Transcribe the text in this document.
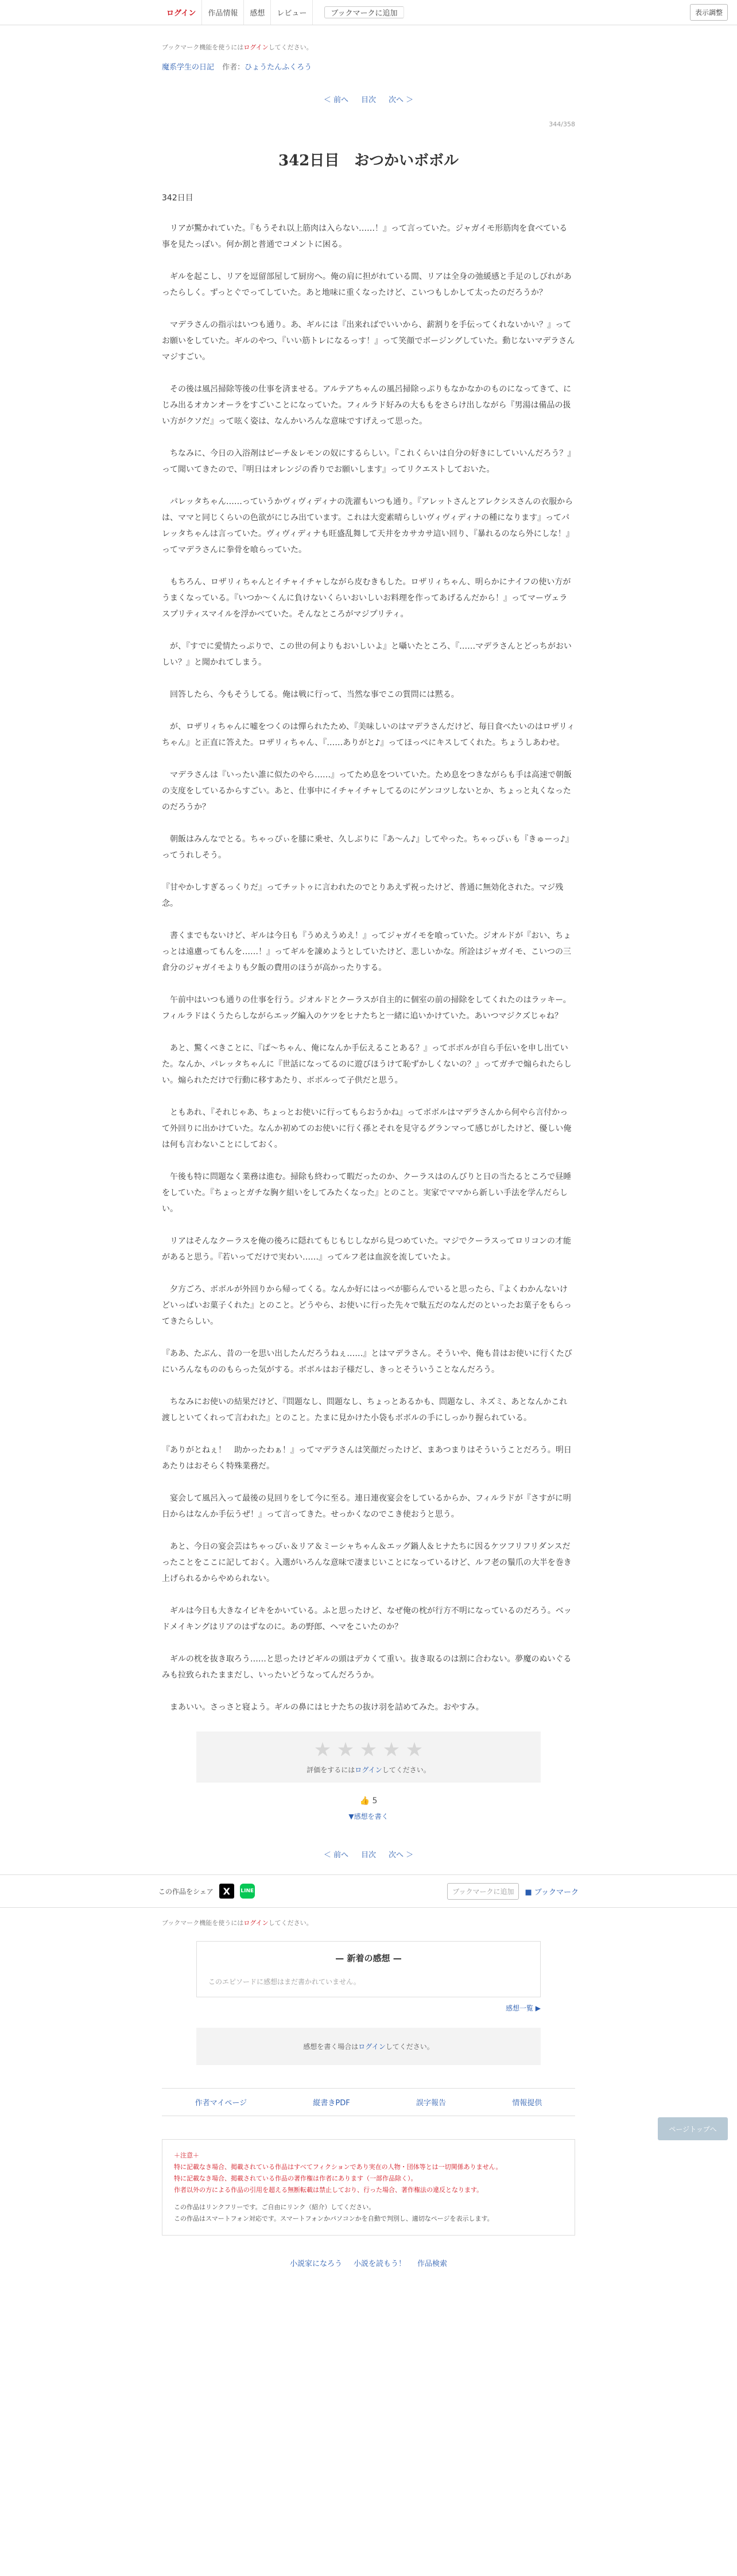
ログイン	作品情報	感想	レビュー	ブックマークに追加	表示調整
ブックマーク機能を使うにはログインしてください。
魔系学生の日記 作者：ひょうたんふくろう
＜ 前へ 目次 次へ ＞
344/358
342日目　おつかいボボル
342日目

　リアが驚かれていた。『もうそれ以上筋肉は入らない……！』って言っていた。ジャガイモ形筋肉を食べている事を見たっぽい。何か割と普通でコメントに困る。

　ギルを起こし、リアを逗留部屋して厨房へ。俺の肩に担がれている間、リアは全身の弛緩感と手足のしびれがあったらしく。ずっとぐでってしていた。あと地味に重くなったけど、こいつもしかして太ったのだろうか？

　マデラさんの指示はいつも通り。あ、ギルには『出来ればでいいから、薪割りを手伝ってくれないかい？』ってお願いをしていた。ギルのやつ、『いい筋トレになるっす！』って笑顔でボージングしていた。動じないマデラさんマジすごい。

　その後は風呂掃除等後の仕事を済ませる。アルテアちゃんの風呂掃除っぷりもなかなかのものになってきて、にじみ出るオカンオーラをすごいことになっていた。フィルラド好みの大ももをさらけ出しながら『男湯は備品の扱い方がクソだ』って呟く姿は、なんかいろんな意味ですげえって思った。

　ちなみに、今日の入浴剤はピーチ＆レモンの奴にするらしい。『これくらいは自分の好きにしていいんだろう？』って聞いてきたので、『明日はオレンジの香りでお願いします』ってリクエストしておいた。

　パレッタちゃん……っていうかヴィヴィディナの洗濯もいつも通り。『アレットさんとアレクシスさんの衣服からは、ママと同じくらいの色欲がにじみ出ています。これは大変素晴らしいヴィヴィディナの種になります』ってパレッタちゃんは言っていた。ヴィヴィディナも旺盛乱舞して天井をカサカサ這い回り、『暴れるのなら外にしな！』ってマデラさんに拳骨を喰らっていた。

　もちろん、ロザリィちゃんとイチャイチャしながら皮むきもした。ロザリィちゃん、明らかにナイフの使い方がうまくなっている。『いつか～くんに負けないくらいおいしいお料理を作ってあげるんだから！』ってマーヴェラスプリティスマイルを浮かべていた。そんなところがマジプリティ。

　が、『すでに愛情たっぷりで、この世の何よりもおいしいよ』と囁いたところ、『……マデラさんとどっちがおいしい？』と聞かれてしまう。

　回答したら、今もそうしてる。俺は戦に行って、当然な事でこの質問には黙る。

　が、ロザリィちゃんに嘘をつくのは憚られたため、『美味しいのはマデラさんだけど、毎日食べたいのはロザリィちゃん』と正直に答えた。ロザリィちゃん、『……ありがと♪』ってほっぺにキスしてくれた。ちょうしあわせ。

　マデラさんは『いったい誰に似たのやら……』ってため息をついていた。ため息をつきながらも手は高速で朝飯の支度をしているからすごい。あと、仕事中にイチャイチャしてるのにゲンコツしないとか、ちょっと丸くなったのだろうか？

　朝飯はみんなでとる。ちゃっぴぃを膝に乗せ、久しぶりに『あ～ん♪』してやった。ちゃっぴぃも『きゅーっ♪』ってうれしそう。

『甘やかしすぎるっくりだ』ってチットゥに言われたのでとりあえず祝ったけど、普通に無効化された。マジ残念。

　書くまでもないけど、ギルは今日も『うめえうめえ！』ってジャガイモを喰っていた。ジオルドが『おい、ちょっとは遠慮ってもんを……！』ってギルを諌めようとしていたけど、悲しいかな。所詮はジャガイモ、こいつの三倉分のジャガイモよりも夕飯の費用のほうが高かったりする。

　午前中はいつも通りの仕事を行う。ジオルドとクーラスが自主的に個室の前の掃除をしてくれたのはラッキー。フィルラドはくうたらしながらエッグ編入のケツをヒナたちと一緒に追いかけていた。あいつマジクズじゃね？

　あと、驚くべきことに、『ぱ～ちゃん、俺になんか手伝えることある？』ってボボルが自ら手伝いを申し出ていた。なんか、パレッタちゃんに『世話になってるのに遊びほうけて恥ずかしくないの？』ってガチで煽られたらしい。煽られただけで行動に移すあたり、ボボルって子供だと思う。

　ともあれ、『それじゃあ、ちょっとお使いに行ってもらおうかね』ってボボルはマデラさんから何やら言付かって外回りに出かけていた。なんか初めてのお使いに行く孫とそれを見守るグランマって感じがしたけど、優しい俺は何も言わないことにしておく。

　午後も特に問題なく業務は進む。掃除も終わって暇だったのか、クーラスはのんびりと日の当たるところで昼睡をしていた。『ちょっとガチな胸ケ組いをしてみたくなった』とのこと。実家でママから新しい手法を学んだらしい。

　リアはそんなクーラスを俺の後ろに隠れてもじもじしながら見つめていた。マジでクーラスってロリコンの才能があると思う。『若いってだけで実わい……』ってルフ老は血涙を流していたよ。

　夕方ごろ、ボボルが外回りから帰ってくる。なんか好にはっぺが膨らんでいると思ったら、『よくわかんないけどいっぱいお菓子くれた』とのこと。どうやら、お使いに行った先々で駄五だのなんだのといったお菓子をもらってきたらしい。

『ああ、たぶん、昔の一を思い出したんだろうねぇ……』とはマデラさん。そういや、俺も昔はお使いに行くたびにいろんなもののもらった気がする。ボボルはお子様だし、きっとそういうことなんだろう。

　ちなみにお使いの結果だけど、『問題なし、問題なし、ちょっとあるかも、問題なし、ネズミ、あとなんかこれ渡しといてくれって言われた』とのこと。たまに見かけた小袋もボボルの手にしっかり握られている。

『ありがとねぇ！　助かったわぁ！』ってマデラさんは笑顔だったけど、まあつまりはそういうことだろう。明日あたりはおそらく特殊業務だ。

　宴会して風呂入って最後の見回りをして今に至る。連日連夜宴会をしているからか、フィルラドが『さすがに明日からはなんか手伝うぜ！』って言ってきた。せっかくなのでこき使おうと思う。

　あと、今日の宴会芸はちゃっぴぃ＆リア＆ミーシャちゃん＆エッグ鍋人＆ヒナたちに因るケツフリフリダンスだったことをここに記しておく。入選がいろんな意味で凄まじいことになっているけど、ルフ老の鬚爪の大半を巻き上げられるからやめられない。

　ギルは今日も大きなイビキをかいている。ふと思ったけど、なぜ俺の枕が行方不明になっているのだろう。ベッドメイキングはリアのはずなのに。あの野郎、ヘマをこいたのか？

　ギルの枕を抜き取ろう……と思ったけどギルの頭はデカくて重い。抜き取るのは割に合わない。夢魔のぬいぐるみも拉致られたままだし、いったいどうなってんだろうか。

　まあいい。さっさと寝よう。ギルの鼻にはヒナたちの抜け羽を詰めてみた。おやすみ。

★ ★ ★ ★ ★
評価をするにはログインしてください。
👍 5
▼感想を書く
＜ 前へ 目次 次へ ＞
ページトップへ
この作品をシェア	X	LINE	ブックマークに追加	■ ブックマーク
ブックマーク機能を使うにはログインしてください。
— 新着の感想 —
このエピソードに感想はまだ書かれていません。
感想一覧 ▶
感想を書く場合はログインしてください。
作者マイページ	縦書きPDF	誤字報告	情報提供
＋注意＋
特に記載なき場合、掲載されている作品はすべてフィクションであり実在の人物・団体等とは一切関係ありません。
特に記載なき場合、掲載されている作品の著作権は作者にあります（一部作品除く）。
作者以外の方による作品の引用を超える無断転載は禁止しており、行った場合、著作権法の違反となります。
この作品はリンクフリーです。ご自由にリンク（紹介）してください。
この作品はスマートフォン対応です。スマートフォンかパソコンかを自動で判別し、適切なページを表示します。
小説家になろう 小説を読もう！ 作品検索
